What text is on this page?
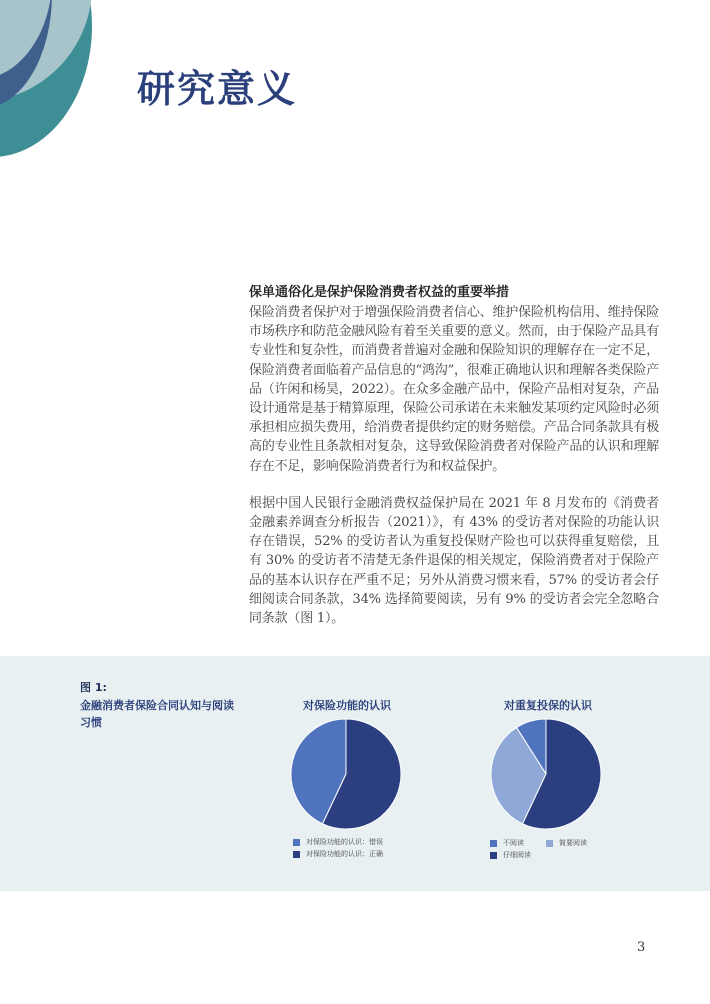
研究意义
保单通俗化是保护保险消费者权益的重要举措

保险消费者保护对于增强保险消费者信心、维护保险机构信用、维持保险市场秩序和防范金融风险有着至关重要的意义。然而，由于保险产品具有专业性和复杂性，而消费者普遍对金融和保险知识的理解存在一定不足，保险消费者面临着产品信息的“鸿沟”，很难正确地认识和理解各类保险产品（许闲和杨昊，2022）。在众多金融产品中，保险产品相对复杂，产品设计通常是基于精算原理，保险公司承诺在未来触发某项约定风险时必须承担相应损失费用，给消费者提供约定的财务赔偿。产品合同条款具有极高的专业性且条款相对复杂，这导致保险消费者对保险产品的认识和理解存在不足，影响保险消费者行为和权益保护。

根据中国人民银行金融消费权益保护局在 2021 年 8 月发布的《消费者金融素养调查分析报告（2021）》，有 43% 的受访者对保险的功能认识存在错误，52% 的受访者认为重复投保财产险也可以获得重复赔偿，且有 30% 的受访者不清楚无条件退保的相关规定，保险消费者对于保险产品的基本认识存在严重不足；另外从消费习惯来看，57% 的受访者会仔细阅读合同条款，34% 选择简要阅读，另有 9% 的受访者会完全忽略合同条款（图 1）。

图 1:
金融消费者保险合同认知与阅读习惯
对保险功能的认识	对重复投保的认识
对保险功能的认识：错误
对保险功能的认识：正确
不阅读	简要阅读
仔细阅读
3
